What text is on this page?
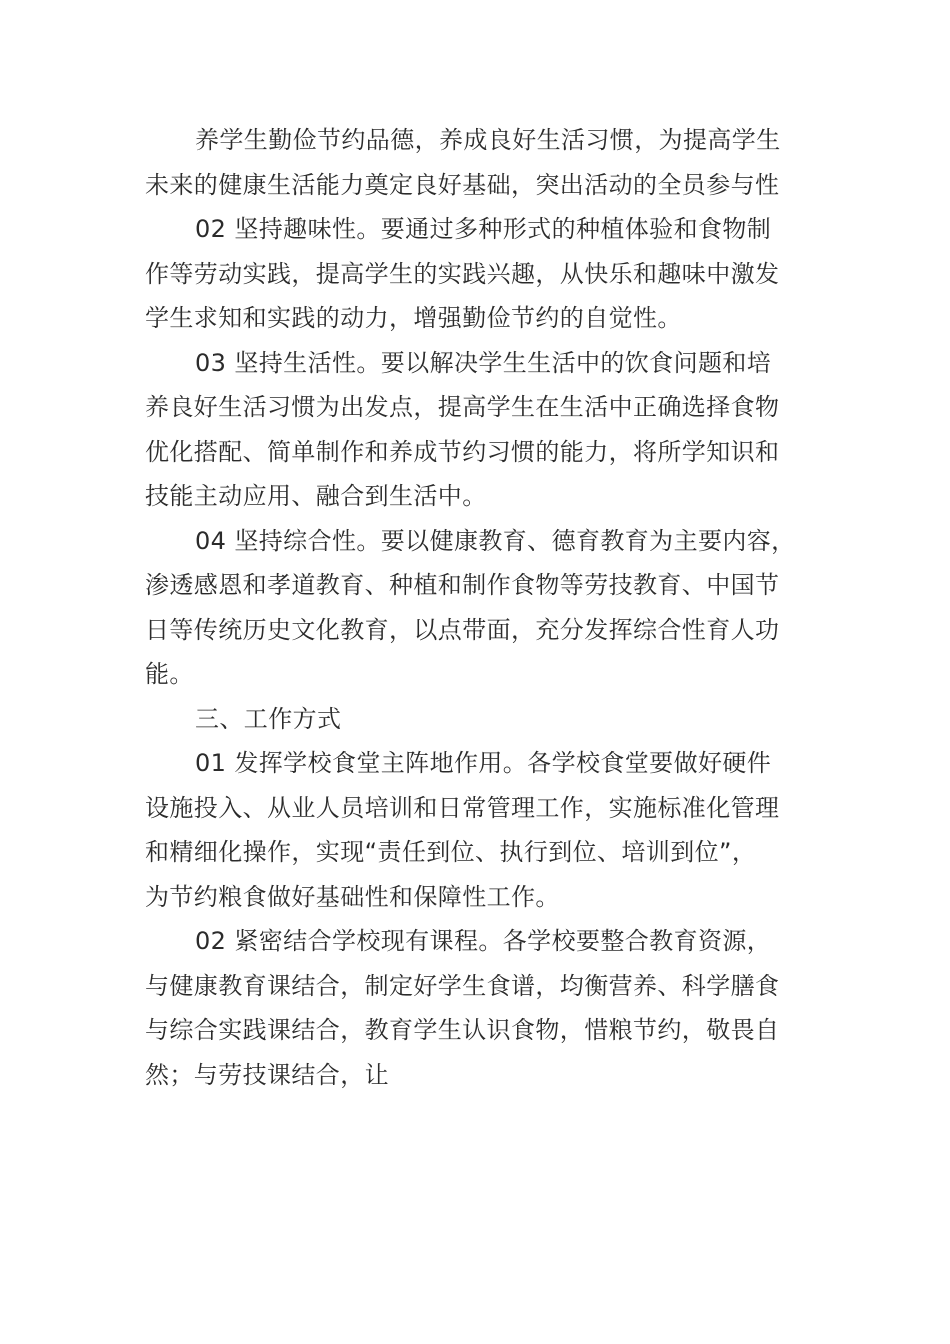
养学生勤俭节约品德，养成良好生活习惯，为提高学生
未来的健康生活能力奠定良好基础，突出活动的全员参与性
02 坚持趣味性。要通过多种形式的种植体验和食物制
作等劳动实践，提高学生的实践兴趣，从快乐和趣味中激发
学生求知和实践的动力，增强勤俭节约的自觉性。
03 坚持生活性。要以解决学生生活中的饮食问题和培
养良好生活习惯为出发点，提高学生在生活中正确选择食物
优化搭配、简单制作和养成节约习惯的能力，将所学知识和
技能主动应用、融合到生活中。
04 坚持综合性。要以健康教育、德育教育为主要内容，
渗透感恩和孝道教育、种植和制作食物等劳技教育、中国节
日等传统历史文化教育，以点带面，充分发挥综合性育人功
能。
三、工作方式
01 发挥学校食堂主阵地作用。各学校食堂要做好硬件
设施投入、从业人员培训和日常管理工作，实施标准化管理
和精细化操作，实现“责任到位、执行到位、培训到位”，
为节约粮食做好基础性和保障性工作。
02 紧密结合学校现有课程。各学校要整合教育资源，
与健康教育课结合，制定好学生食谱，均衡营养、科学膳食
与综合实践课结合，教育学生认识食物，惜粮节约，敬畏自
然；与劳技课结合，让
